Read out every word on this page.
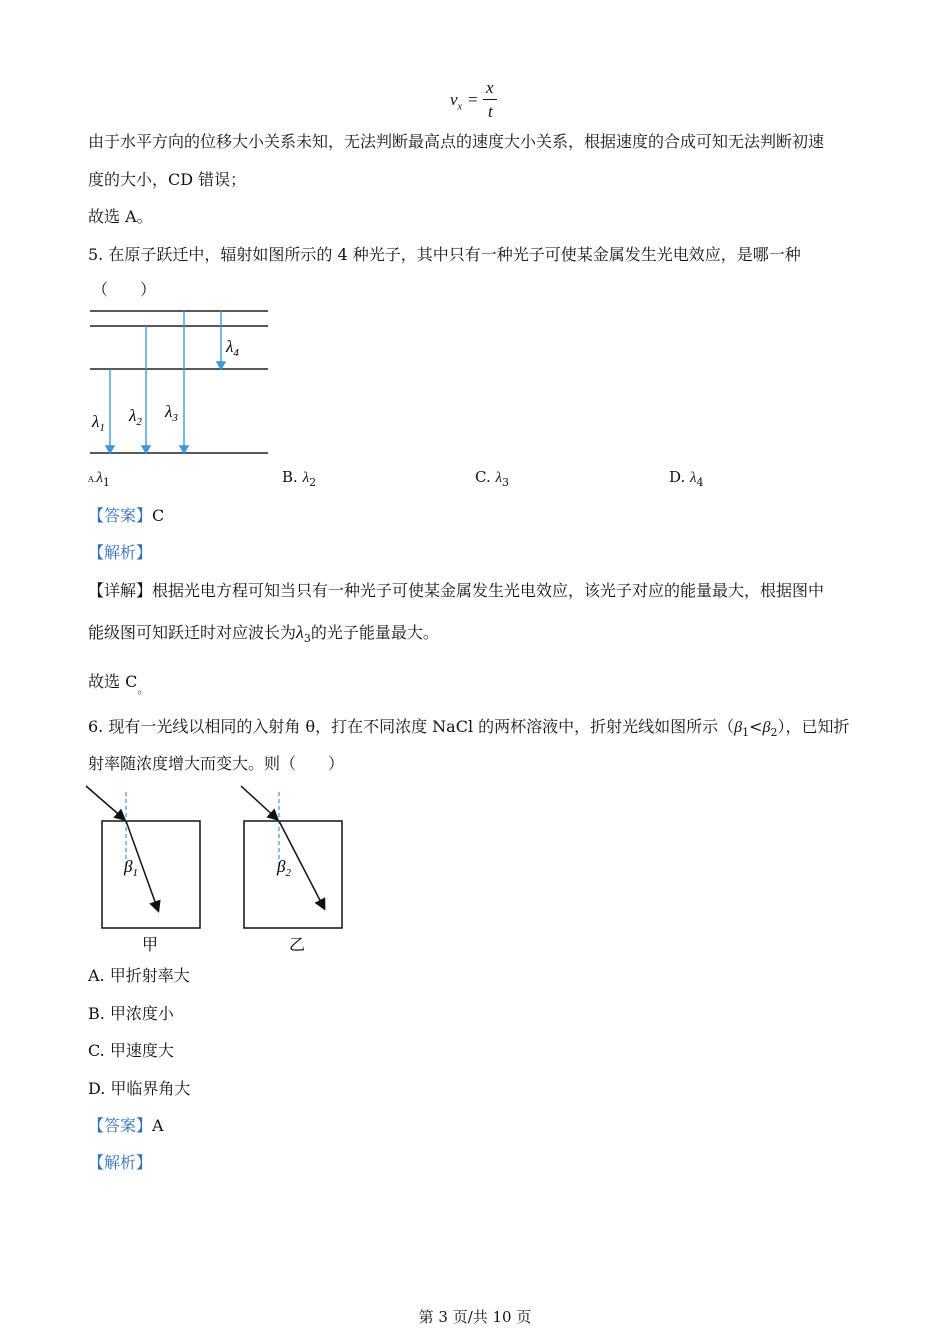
$v_x$ =
x
t
由于水平方向的位移大小关系未知，无法判断最高点的速度大小关系，根据速度的合成可知无法判断初速
度的大小，CD 错误；
故选 A。
5. 在原子跃迁中，辐射如图所示的 4 种光子，其中只有一种光子可使某金属发生光电效应，是哪一种
（　　）
$\lambda_1$
$\lambda_2$
$\lambda_3$
$\lambda_4$
$A.\lambda_1$	B. $\lambda_2$	C. $\lambda_3$	D. $\lambda_4$
【答案】C
【解析】
【详解】根据光电方程可知当只有一种光子可使某金属发生光电效应，该光子对应的能量最大，根据图中
能级图可知跃迁时对应波长为$\lambda_3$的光子能量最大。
故选 $C_。$
6. 现有一光线以相同的入射角 θ，打在不同浓度 NaCl 的两杯溶液中，折射光线如图所示$(\beta_1<\beta_2)$，已知折
射率随浓度增大而变大。则（　　）
$\beta_1$
甲
$\beta_2$
乙
A. 甲折射率大
B. 甲浓度小
C. 甲速度大
D. 甲临界角大
【答案】A
【解析】
第 3 页/共 10 页
